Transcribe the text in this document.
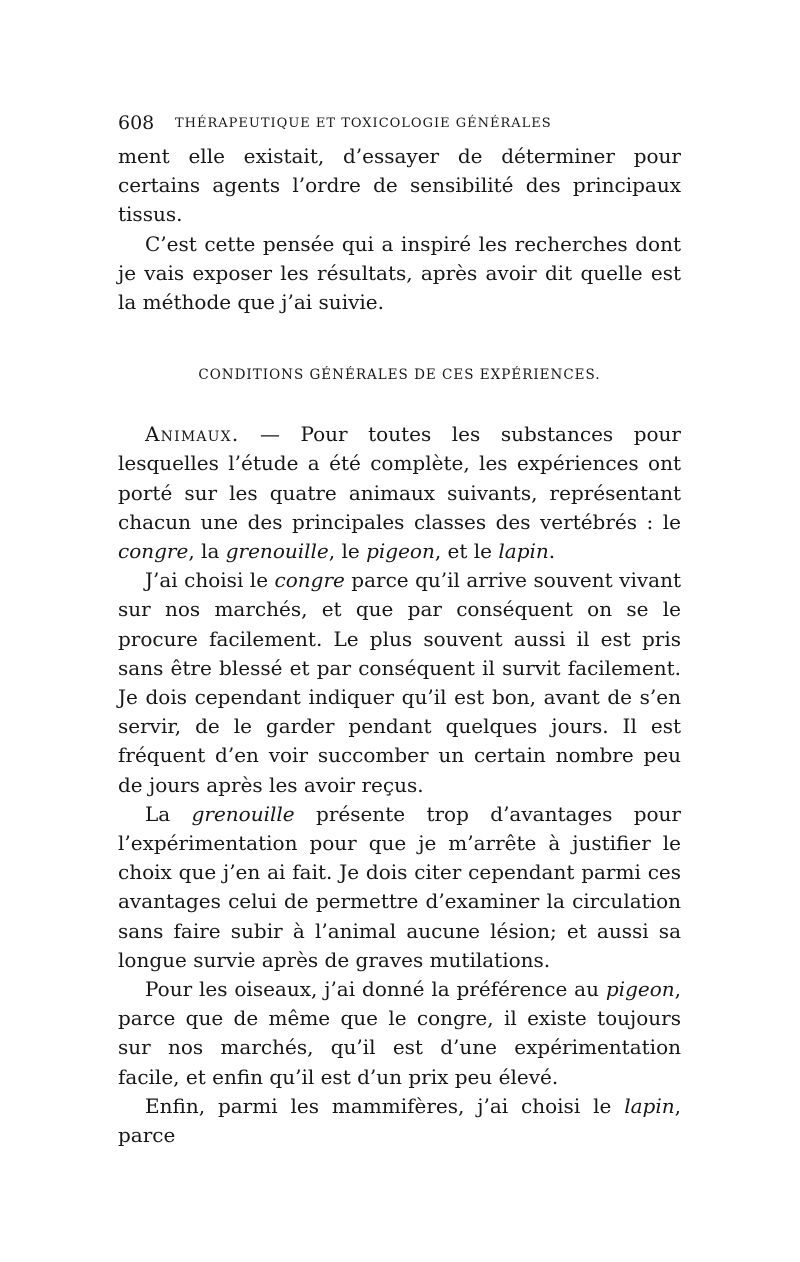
608 THÉRAPEUTIQUE ET TOXICOLOGIE GÉNÉRALES

ment elle existait, d’essayer de déterminer pour certains agents l’ordre de sensibilité des principaux tissus.

C’est cette pensée qui a inspiré les recherches dont je vais exposer les résultats, après avoir dit quelle est la méthode que j’ai suivie.

CONDITIONS GÉNÉRALES DE CES EXPÉRIENCES.

Animaux. — Pour toutes les substances pour lesquelles l’étude a été complète, les expériences ont porté sur les quatre animaux suivants, représentant chacun une des principales classes des vertébrés : le congre, la grenouille, le pigeon, et le lapin.

J’ai choisi le congre parce qu’il arrive souvent vivant sur nos marchés, et que par conséquent on se le procure facilement. Le plus souvent aussi il est pris sans être blessé et par conséquent il survit facilement. Je dois cependant indiquer qu’il est bon, avant de s’en servir, de le garder pendant quelques jours. Il est fréquent d’en voir succomber un certain nombre peu de jours après les avoir reçus.

La grenouille présente trop d’avantages pour l’expérimentation pour que je m’arrête à justifier le choix que j’en ai fait. Je dois citer cependant parmi ces avantages celui de permettre d’examiner la circulation sans faire subir à l’animal aucune lésion; et aussi sa longue survie après de graves mutilations.

Pour les oiseaux, j’ai donné la préférence au pigeon, parce que de même que le congre, il existe toujours sur nos marchés, qu’il est d’une expérimentation facile, et enfin qu’il est d’un prix peu élevé.

Enfin, parmi les mammifères, j’ai choisi le lapin, parce
